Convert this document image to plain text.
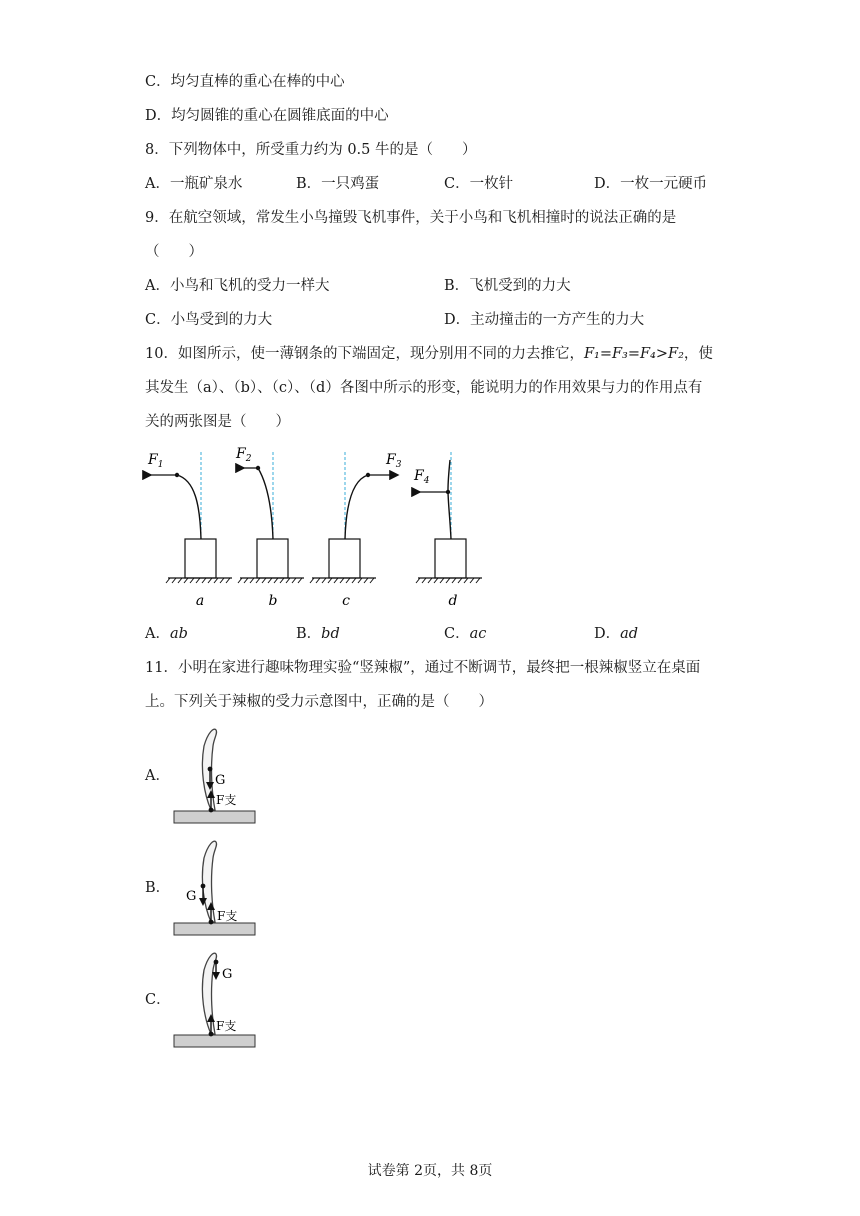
C．均匀直棒的重心在棒的中心
D．均匀圆锥的重心在圆锥底面的中心
8．下列物体中，所受重力约为 0.5 牛的是（　　）
A．一瓶矿泉水	B．一只鸡蛋	C．一枚针	D．一枚一元硬币
9．在航空领域，常发生小鸟撞毁飞机事件，关于小鸟和飞机相撞时的说法正确的是
（　　）
A．小鸟和飞机的受力一样大	B．飞机受到的力大
C．小鸟受到的力大	D．主动撞击的一方产生的力大
10．如图所示，使一薄钢条的下端固定，现分别用不同的力去推它，F₁=F₃=F₄>F₂，使
其发生（a）、（b）、（c）、（d）各图中所示的形变，能说明力的作用效果与力的作用点有
关的两张图是（　　）
$F_1$
$F_2$	$F_3$
$F_4$
a	b	c	d
A．ab	B．bd	C．ac	D．ad
11．小明在家进行趣味物理实验“竖辣椒”，通过不断调节，最终把一根辣椒竖立在桌面
上。下列关于辣椒的受力示意图中，正确的是（　　）
A．	G
F支
B．
G
F支
C．
G
F支
试卷第 2页，共 8页
